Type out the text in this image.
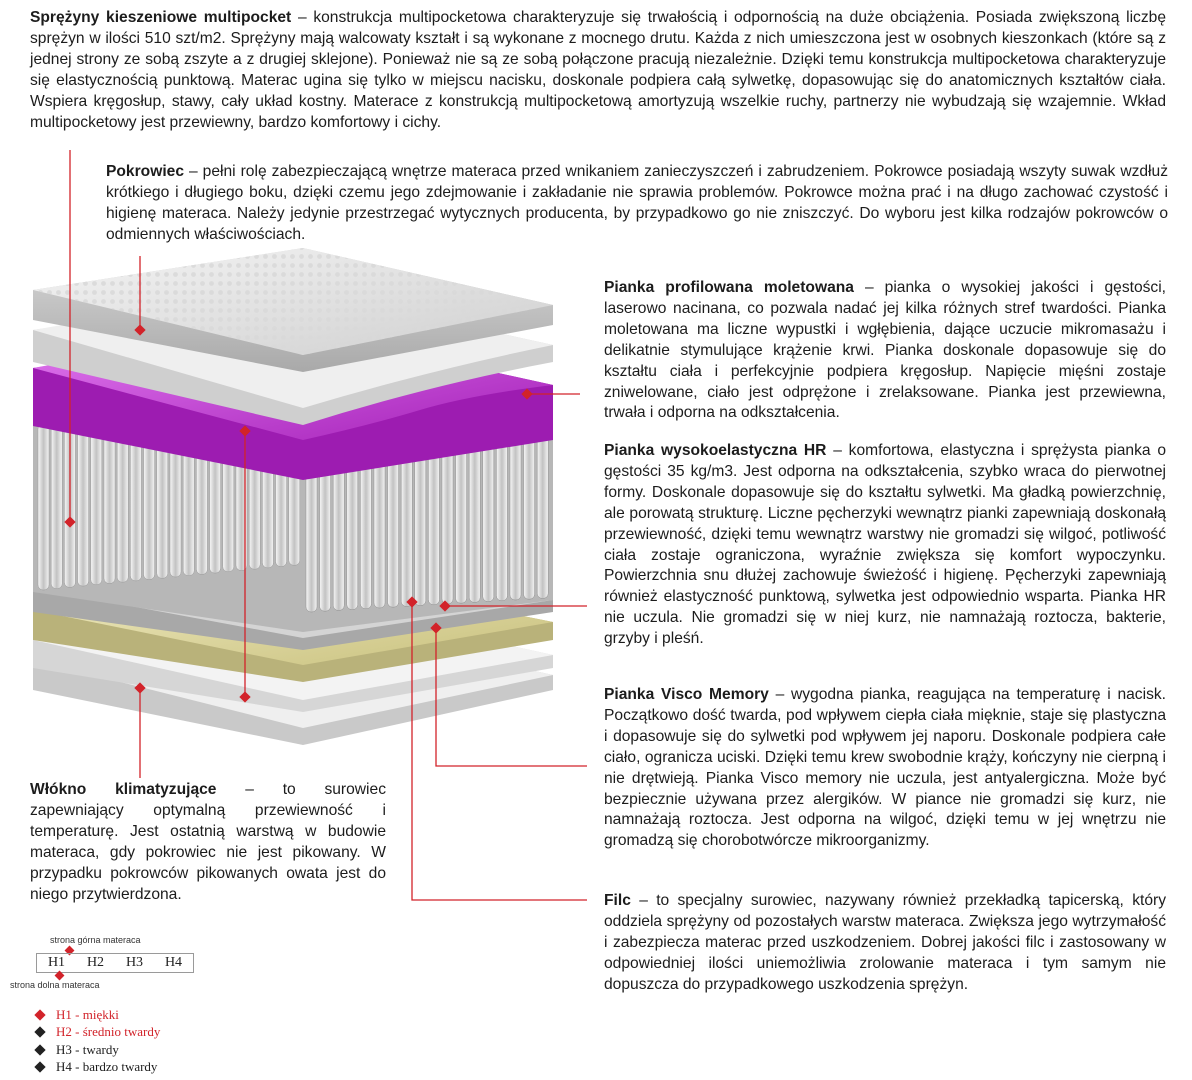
Sprężyny kieszeniowe multipocket – konstrukcja multipocketowa charakteryzuje się trwałością i odpornością na duże obciążenia. Posiada zwiększoną liczbę sprężyn w ilości 510 szt/m2. Sprężyny mają walcowaty kształt i są wykonane z mocnego drutu. Każda z nich umieszczona jest w osobnych kieszonkach (które są z jednej strony ze sobą zszyte a z drugiej sklejone). Ponieważ nie są ze sobą połączone pracują niezależnie. Dzięki temu konstrukcja multipocketowa charakteryzuje się elastycznością punktową. Materac ugina się tylko w miejscu nacisku, doskonale podpiera całą sylwetkę, dopasowując się do anatomicznych kształtów ciała. Wspiera kręgosłup, stawy, cały układ kostny. Materace z konstrukcją multipocketową amortyzują wszelkie ruchy, partnerzy nie wybudzają się wzajemnie. Wkład multipocketowy jest przewiewny, bardzo komfortowy i cichy.
Pokrowiec – pełni rolę zabezpieczającą wnętrze materaca przed wnikaniem zanieczyszczeń i zabrudzeniem. Pokrowce posiadają wszyty suwak wzdłuż krótkiego i długiego boku, dzięki czemu jego zdejmowanie i zakładanie nie sprawia problemów. Pokrowce można prać i na długo zachować czystość i higienę materaca. Należy jedynie przestrzegać wytycznych producenta, by przypadkowo go nie zniszczyć. Do wyboru jest kilka rodzajów pokrowców o odmiennych właściwościach.
Pianka profilowana moletowana – pianka o wysokiej jakości i gęstości, laserowo nacinana, co pozwala nadać jej kilka różnych stref twardości. Pianka moletowana ma liczne wypustki i wgłębienia, dające uczucie mikromasażu i delikatnie stymulujące krążenie krwi. Pianka doskonale dopasowuje się do kształtu ciała i perfekcyjnie podpiera kręgosłup. Napięcie mięśni zostaje zniwelowane, ciało jest odprężone i zrelaksowane. Pianka jest przewiewna, trwała i odporna na odkształcenia.
Pianka wysokoelastyczna HR – komfortowa, elastyczna i sprężysta pianka o gęstości 35 kg/m3. Jest odporna na odkształcenia, szybko wraca do pierwotnej formy. Doskonale dopasowuje się do kształtu sylwetki. Ma gładką powierzchnię, ale porowatą strukturę. Liczne pęcherzyki wewnątrz pianki zapewniają doskonałą przewiewność, dzięki temu wewnątrz warstwy nie gromadzi się wilgoć, potliwość ciała zostaje ograniczona, wyraźnie zwiększa się komfort wypoczynku. Powierzchnia snu dłużej zachowuje świeżość i higienę. Pęcherzyki zapewniają również elastyczność punktową, sylwetka jest odpowiednio wsparta. Pianka HR nie uczula. Nie gromadzi się w niej kurz, nie namnażają roztocza, bakterie, grzyby i pleśń.
Pianka Visco Memory – wygodna pianka, reagująca na temperaturę i nacisk. Początkowo dość twarda, pod wpływem ciepła ciała mięknie, staje się plastyczna i dopasowuje się do sylwetki pod wpływem jej naporu. Doskonale podpiera całe ciało, ogranicza uciski. Dzięki temu krew swobodnie krąży, kończyny nie cierpną i nie drętwieją. Pianka Visco memory nie uczula, jest antyalergiczna. Może być bezpiecznie używana przez alergików. W piance nie gromadzi się kurz, nie namnażają roztocza. Jest odporna na wilgoć, dzięki temu w jej wnętrzu nie gromadzą się chorobotwórcze mikroorganizmy.
Filc – to specjalny surowiec, nazywany również przekładką tapicerską, który oddziela sprężyny od pozostałych warstw materaca. Zwiększa jego wytrzymałość i zabezpiecza materac przed uszkodzeniem. Dobrej jakości filc i zastosowany w odpowiedniej ilości uniemożliwia zrolowanie materaca i tym samym nie dopuszcza do przypadkowego uszkodzenia sprężyn.
Włókno klimatyzujące – to surowiec zapewniający optymalną przewiewność i temperaturę. Jest ostatnią warstwą w budowie materaca, gdy pokrowiec nie jest pikowany. W przypadku pokrowców pikowanych owata jest do niego przytwierdzona.
strona górna materaca
H1	H2	H3	H4
strona dolna materaca
H1 - miękki
H2 - średnio twardy
H3 - twardy
H4 - bardzo twardy
